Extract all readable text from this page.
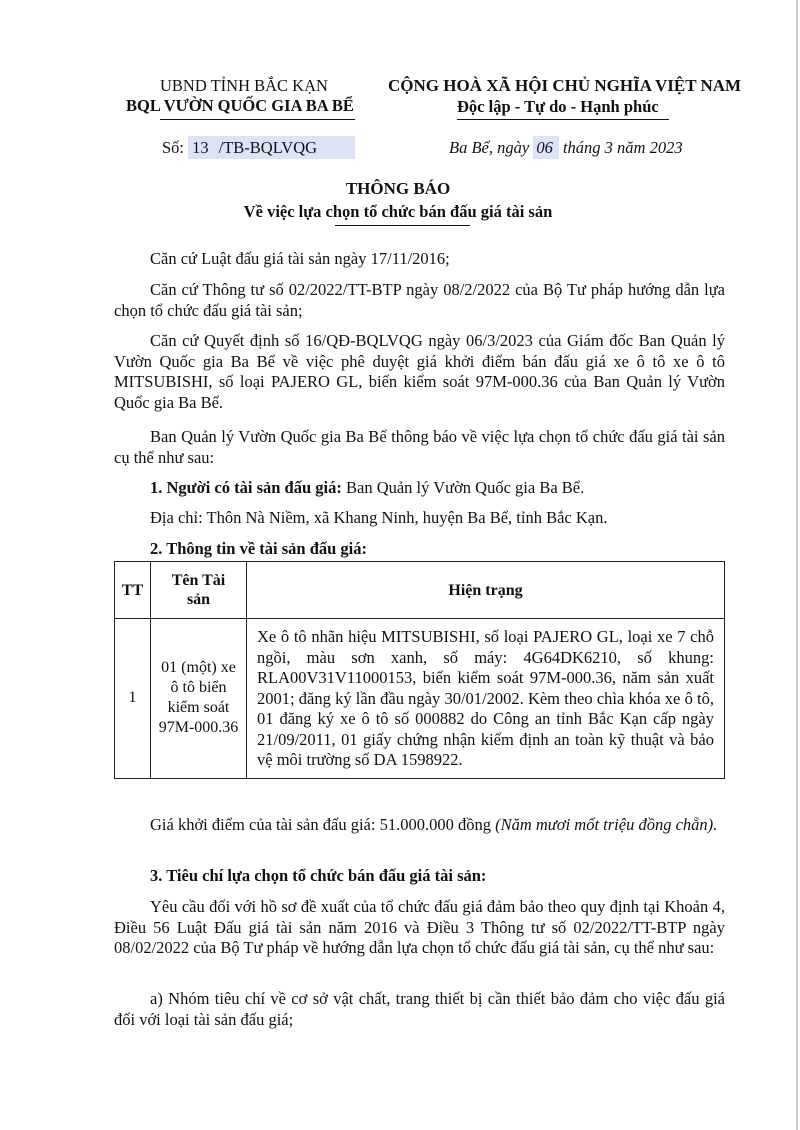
UBND TỈNH BẮC KẠN
BQL VƯỜN QUỐC GIA BA BỂ
CỘNG HOÀ XÃ HỘI CHỦ NGHĨA VIỆT NAM
Độc lập - Tự do - Hạnh phúc
Số: 13 /TB-BQLVQG	Ba Bể, ngày 06 tháng 3 năm 2023
THÔNG BÁO
Về việc lựa chọn tổ chức bán đấu giá tài sản
Căn cứ Luật đấu giá tài sản ngày 17/11/2016;
Căn cứ Thông tư số 02/2022/TT-BTP ngày 08/2/2022 của Bộ Tư pháp hướng dẫn lựa chọn tổ chức đấu giá tài sản;
Căn cứ Quyết định số 16/QĐ-BQLVQG ngày 06/3/2023 của Giám đốc Ban Quản lý Vườn Quốc gia Ba Bể về việc phê duyệt giá khởi điểm bán đấu giá xe ô tô xe ô tô MITSUBISHI, số loại PAJERO GL, biển kiểm soát 97M-000.36 của Ban Quản lý Vườn Quốc gia Ba Bể.
Ban Quản lý Vườn Quốc gia Ba Bể thông báo về việc lựa chọn tổ chức đấu giá tài sản cụ thể như sau:
1. Người có tài sản đấu giá: Ban Quản lý Vườn Quốc gia Ba Bể.
Địa chỉ: Thôn Nà Niềm, xã Khang Ninh, huyện Ba Bể, tỉnh Bắc Kạn.
2. Thông tin về tài sản đấu giá:
TT	Tên Tài sản	Hiện trạng
1	01 (một) xe ô tô biển kiểm soát 97M-000.36	Xe ô tô nhãn hiệu MITSUBISHI, số loại PAJERO GL, loại xe 7 chỗ ngồi, màu sơn xanh, số máy: 4G64DK6210, số khung: RLA00V31V11000153, biển kiểm soát 97M-000.36, năm sản xuất 2001; đăng ký lần đầu ngày 30/01/2002. Kèm theo chìa khóa xe ô tô, 01 đăng ký xe ô tô số 000882 do Công an tỉnh Bắc Kạn cấp ngày 21/09/2011, 01 giấy chứng nhận kiểm định an toàn kỹ thuật và bảo vệ môi trường số DA 1598922.
Giá khởi điểm của tài sản đấu giá: 51.000.000 đồng (Năm mươi mốt triệu đồng chẵn).
3. Tiêu chí lựa chọn tổ chức bán đấu giá tài sản:
Yêu cầu đối với hồ sơ đề xuất của tổ chức đấu giá đảm bảo theo quy định tại Khoản 4, Điều 56 Luật Đấu giá tài sản năm 2016 và Điều 3 Thông tư số 02/2022/TT-BTP ngày 08/02/2022 của Bộ Tư pháp về hướng dẫn lựa chọn tổ chức đấu giá tài sản, cụ thể như sau:
a) Nhóm tiêu chí về cơ sở vật chất, trang thiết bị cần thiết bảo đảm cho việc đấu giá đối với loại tài sản đấu giá;
